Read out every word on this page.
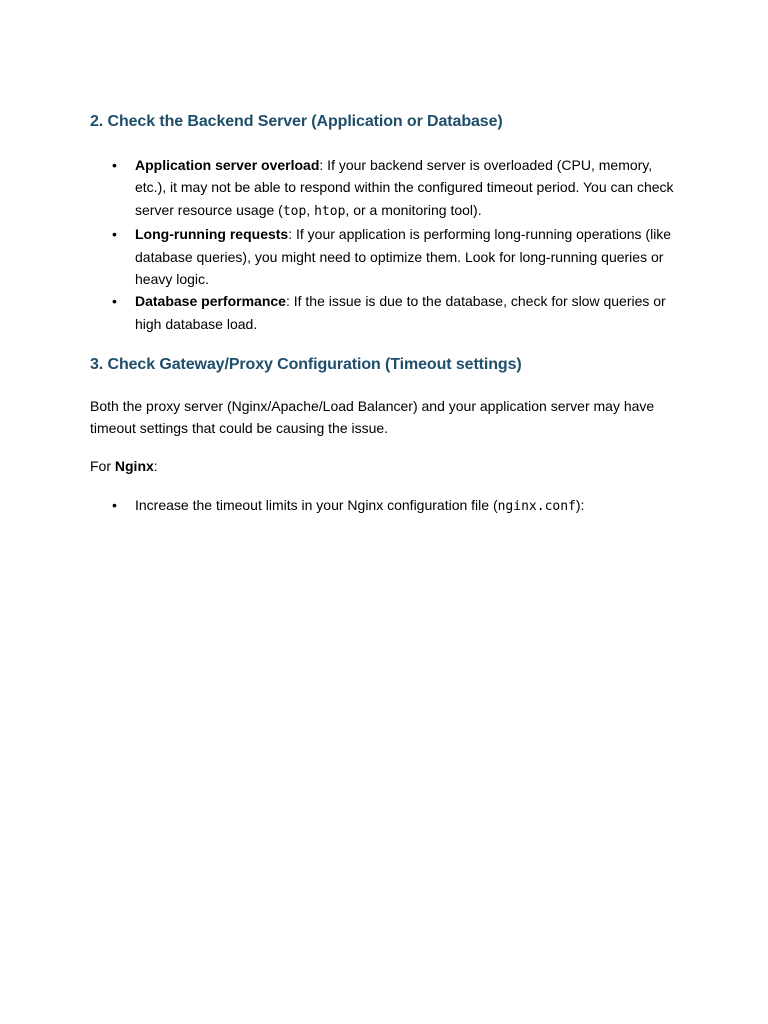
2. Check the Backend Server (Application or Database)
• Application server overload: If your backend server is overloaded (CPU, memory, etc.), it may not be able to respond within the configured timeout period. You can check server resource usage (top, htop, or a monitoring tool).
• Long-running requests: If your application is performing long-running operations (like database queries), you might need to optimize them. Look for long-running queries or heavy logic.
• Database performance: If the issue is due to the database, check for slow queries or high database load.
3. Check Gateway/Proxy Configuration (Timeout settings)

Both the proxy server (Nginx/Apache/Load Balancer) and your application server may have timeout settings that could be causing the issue.

For Nginx:

• Increase the timeout limits in your Nginx configuration file (nginx.conf):
